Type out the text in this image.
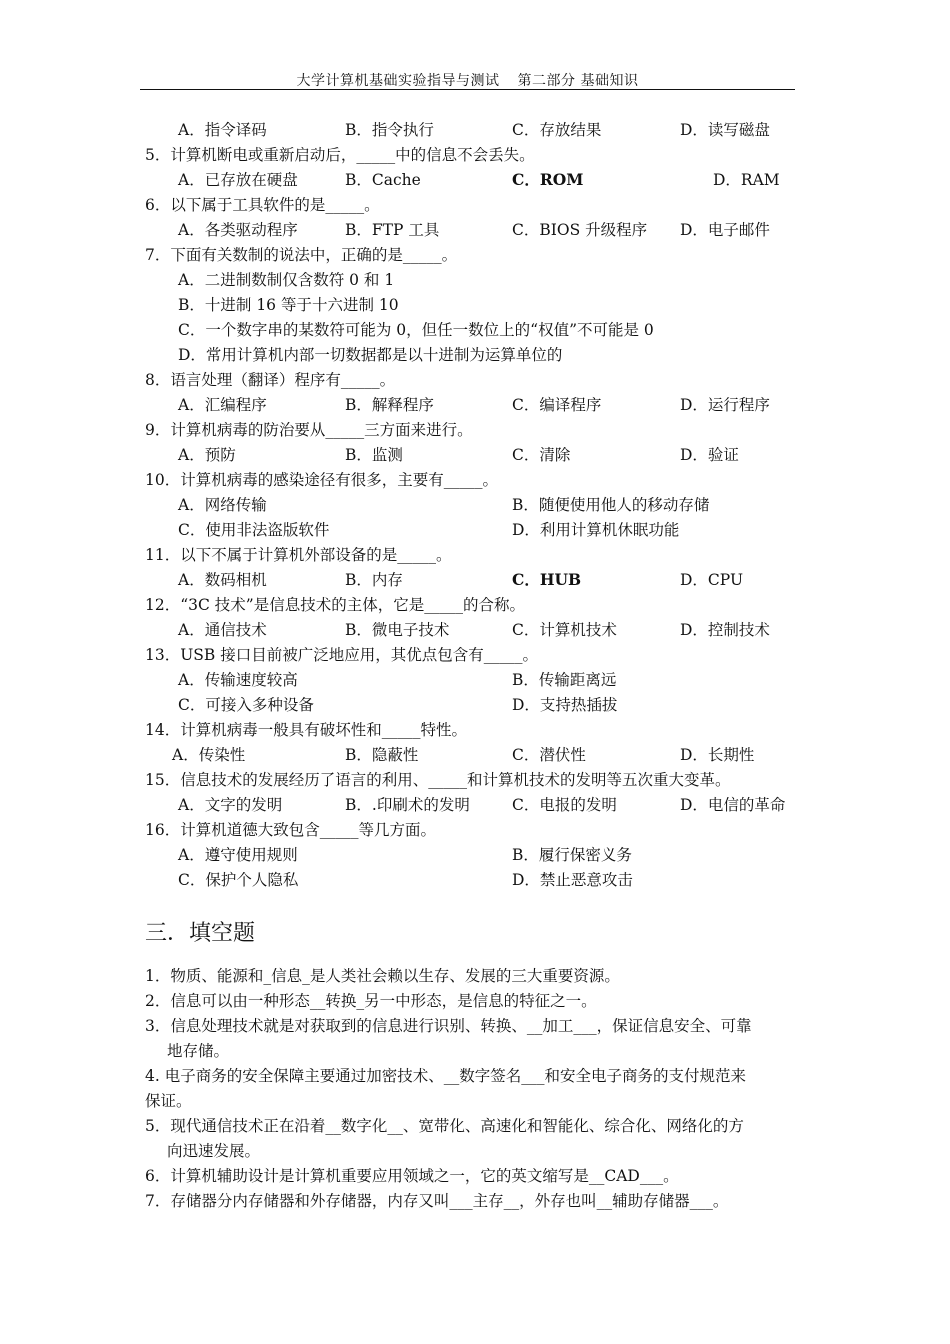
大学计算机基础实验指导与测试 第二部分 基础知识
A．指令译码	B．指令执行	C．存放结果	D．读写磁盘
5．计算机断电或重新启动后，_____中的信息不会丢失。
A．已存放在硬盘	B．Cache	C．ROM	D．RAM
6．以下属于工具软件的是_____。
A．各类驱动程序	B．FTP 工具	C．BIOS 升级程序 D．电子邮件
7．下面有关数制的说法中，正确的是_____。
A．二进制数制仅含数符 0 和 1
B．十进制 16 等于十六进制 10
C．一个数字串的某数符可能为 0，但任一数位上的“权值”不可能是 0
D．常用计算机内部一切数据都是以十进制为运算单位的
8．语言处理（翻译）程序有_____。
A．汇编程序	B．解释程序	C．编译程序	D．运行程序
9．计算机病毒的防治要从_____三方面来进行。
A．预防	B．监测	C．清除	D．验证
10．计算机病毒的感染途径有很多，主要有_____。
A．网络传输	B．随便使用他人的移动存储
C．使用非法盗版软件	D．利用计算机休眠功能
11．以下不属于计算机外部设备的是_____。
A．数码相机	B．内存	C．HUB	D．CPU
12．“3C 技术”是信息技术的主体，它是_____的合称。
A．通信技术	B．微电子技术	C．计算机技术	D．控制技术
13．USB 接口目前被广泛地应用，其优点包含有_____。
A．传输速度较高	B．传输距离远
C．可接入多种设备	D．支持热插拔
14．计算机病毒一般具有破坏性和_____特性。
A．传染性	B．隐蔽性	C．潜伏性	D．长期性
15．信息技术的发展经历了语言的利用、_____和计算机技术的发明等五次重大变革。
A．文字的发明	B．.印刷术的发明	C．电报的发明	D．电信的革命
16．计算机道德大致包含_____等几方面。
A．遵守使用规则	B．履行保密义务
C．保护个人隐私	D．禁止恶意攻击
三．填空题
1．物质、能源和_信息_是人类社会赖以生存、发展的三大重要资源。
2．信息可以由一种形态__转换_另一中形态，是信息的特征之一。
3．信息处理技术就是对获取到的信息进行识别、转换、__加工___，保证信息安全、可靠
地存储。
4. 电子商务的安全保障主要通过加密技术、__数字签名___和安全电子商务的支付规范来
保证。
5．现代通信技术正在沿着__数字化__、宽带化、高速化和智能化、综合化、网络化的方
向迅速发展。
6．计算机辅助设计是计算机重要应用领域之一，它的英文缩写是__CAD___。
7．存储器分内存储器和外存储器，内存又叫___主存__，外存也叫__辅助存储器___。
